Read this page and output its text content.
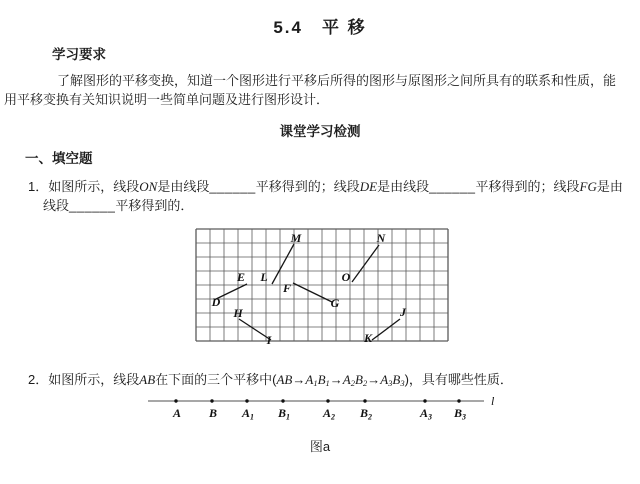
5.4　平 移
学习要求
了解图形的平移变换，知道一个图形进行平移后所得的图形与原图形之间所具有的联系和性质，能
用平移变换有关知识说明一些简单问题及进行图形设计．
课堂学习检测
一、填空题
1．如图所示，线段ON是由线段______平移得到的；线段DE是由线段______平移得到的；线段FG是由
线段______平移得到的．
M	N
E L	O
D
F
G
H	J
I	K
2．如图所示，线段AB在下面的三个平移中(AB→A1B1→A2B2→A3B3)，具有哪些性质．
l
A B $A_1$ $B_1$	$A_2$ $B_2$	$A_3$ $B_3$
图a
